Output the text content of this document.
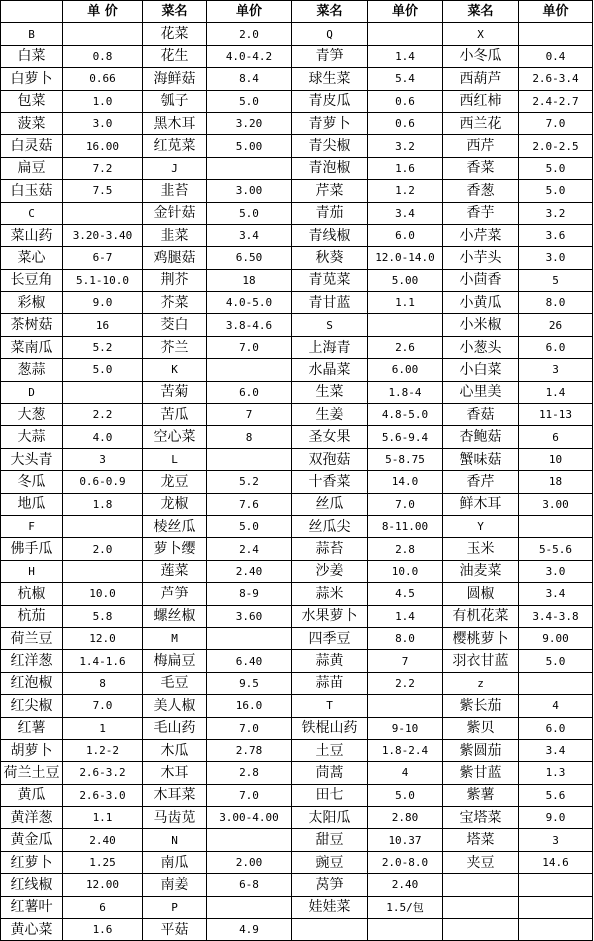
	单 价	菜名	单价	菜名	单价	菜名	单价
B		花菜	2.0	Q		X	
白菜	0.8	花生	4.0-4.2	青笋	1.4	小冬瓜	0.4
白萝卜	0.66	海鲜菇	8.4	球生菜	5.4	西葫芦	2.6-3.4
包菜	1.0	瓠子	5.0	青皮瓜	0.6	西红柿	2.4-2.7
菠菜	3.0	黑木耳	3.20	青萝卜	0.6	西兰花	7.0
白灵菇	16.00	红苋菜	5.00	青尖椒	3.2	西芹	2.0-2.5
扁豆	7.2	J		青泡椒	1.6	香菜	5.0
白玉菇	7.5	韭苔	3.00	芹菜	1.2	香葱	5.0
C		金针菇	5.0	青茄	3.4	香芋	3.2
菜山药	3.20-3.40	韭菜	3.4	青线椒	6.0	小芹菜	3.6
菜心	6-7	鸡腿菇	6.50	秋葵	12.0-14.0	小芋头	3.0
长豆角	5.1-10.0	荆芥	18	青苋菜	5.00	小茴香	5
彩椒	9.0	芥菜	4.0-5.0	青甘蓝	1.1	小黄瓜	8.0
茶树菇	16	茭白	3.8-4.6	S		小米椒	26
菜南瓜	5.2	芥兰	7.0	上海青	2.6	小葱头	6.0
葱蒜	5.0	K		水晶菜	6.00	小白菜	3
D		苦菊	6.0	生菜	1.8-4	心里美	1.4
大葱	2.2	苦瓜	7	生姜	4.8-5.0	香菇	11-13
大蒜	4.0	空心菜	8	圣女果	5.6-9.4	杏鲍菇	6
大头青	3	L		双孢菇	5-8.75	蟹味菇	10
冬瓜	0.6-0.9	龙豆	5.2	十香菜	14.0	香芹	18
地瓜	1.8	龙椒	7.6	丝瓜	7.0	鲜木耳	3.00
F		棱丝瓜	5.0	丝瓜尖	8-11.00	Y	
佛手瓜	2.0	萝卜缨	2.4	蒜苔	2.8	玉米	5-5.6
H		莲菜	2.40	沙姜	10.0	油麦菜	3.0
杭椒	10.0	芦笋	8-9	蒜米	4.5	圆椒	3.4
杭茄	5.8	螺丝椒	3.60	水果萝卜	1.4	有机花菜	3.4-3.8
荷兰豆	12.0	M		四季豆	8.0	樱桃萝卜	9.00
红洋葱	1.4-1.6	梅扁豆	6.40	蒜黄	7	羽衣甘蓝	5.0
红泡椒	8	毛豆	9.5	蒜苗	2.2	z	
红尖椒	7.0	美人椒	16.0	T		紫长茄	4
红薯	1	毛山药	7.0	铁棍山药	9-10	紫贝	6.0
胡萝卜	1.2-2	木瓜	2.78	土豆	1.8-2.4	紫圆茄	3.4
荷兰土豆	2.6-3.2	木耳	2.8	茼蒿	4	紫甘蓝	1.3
黄瓜	2.6-3.0	木耳菜	7.0	田七	5.0	紫薯	5.6
黄洋葱	1.1	马齿苋	3.00-4.00	太阳瓜	2.80	宝塔菜	9.0
黄金瓜	2.40	N		甜豆	10.37	塔菜	3
红萝卜	1.25	南瓜	2.00	豌豆	2.0-8.0	夹豆	14.6
红线椒	12.00	南姜	6-8	莴笋	2.40		
红薯叶	6	P		娃娃菜	1.5/包		
黄心菜	1.6	平菇	4.9				
